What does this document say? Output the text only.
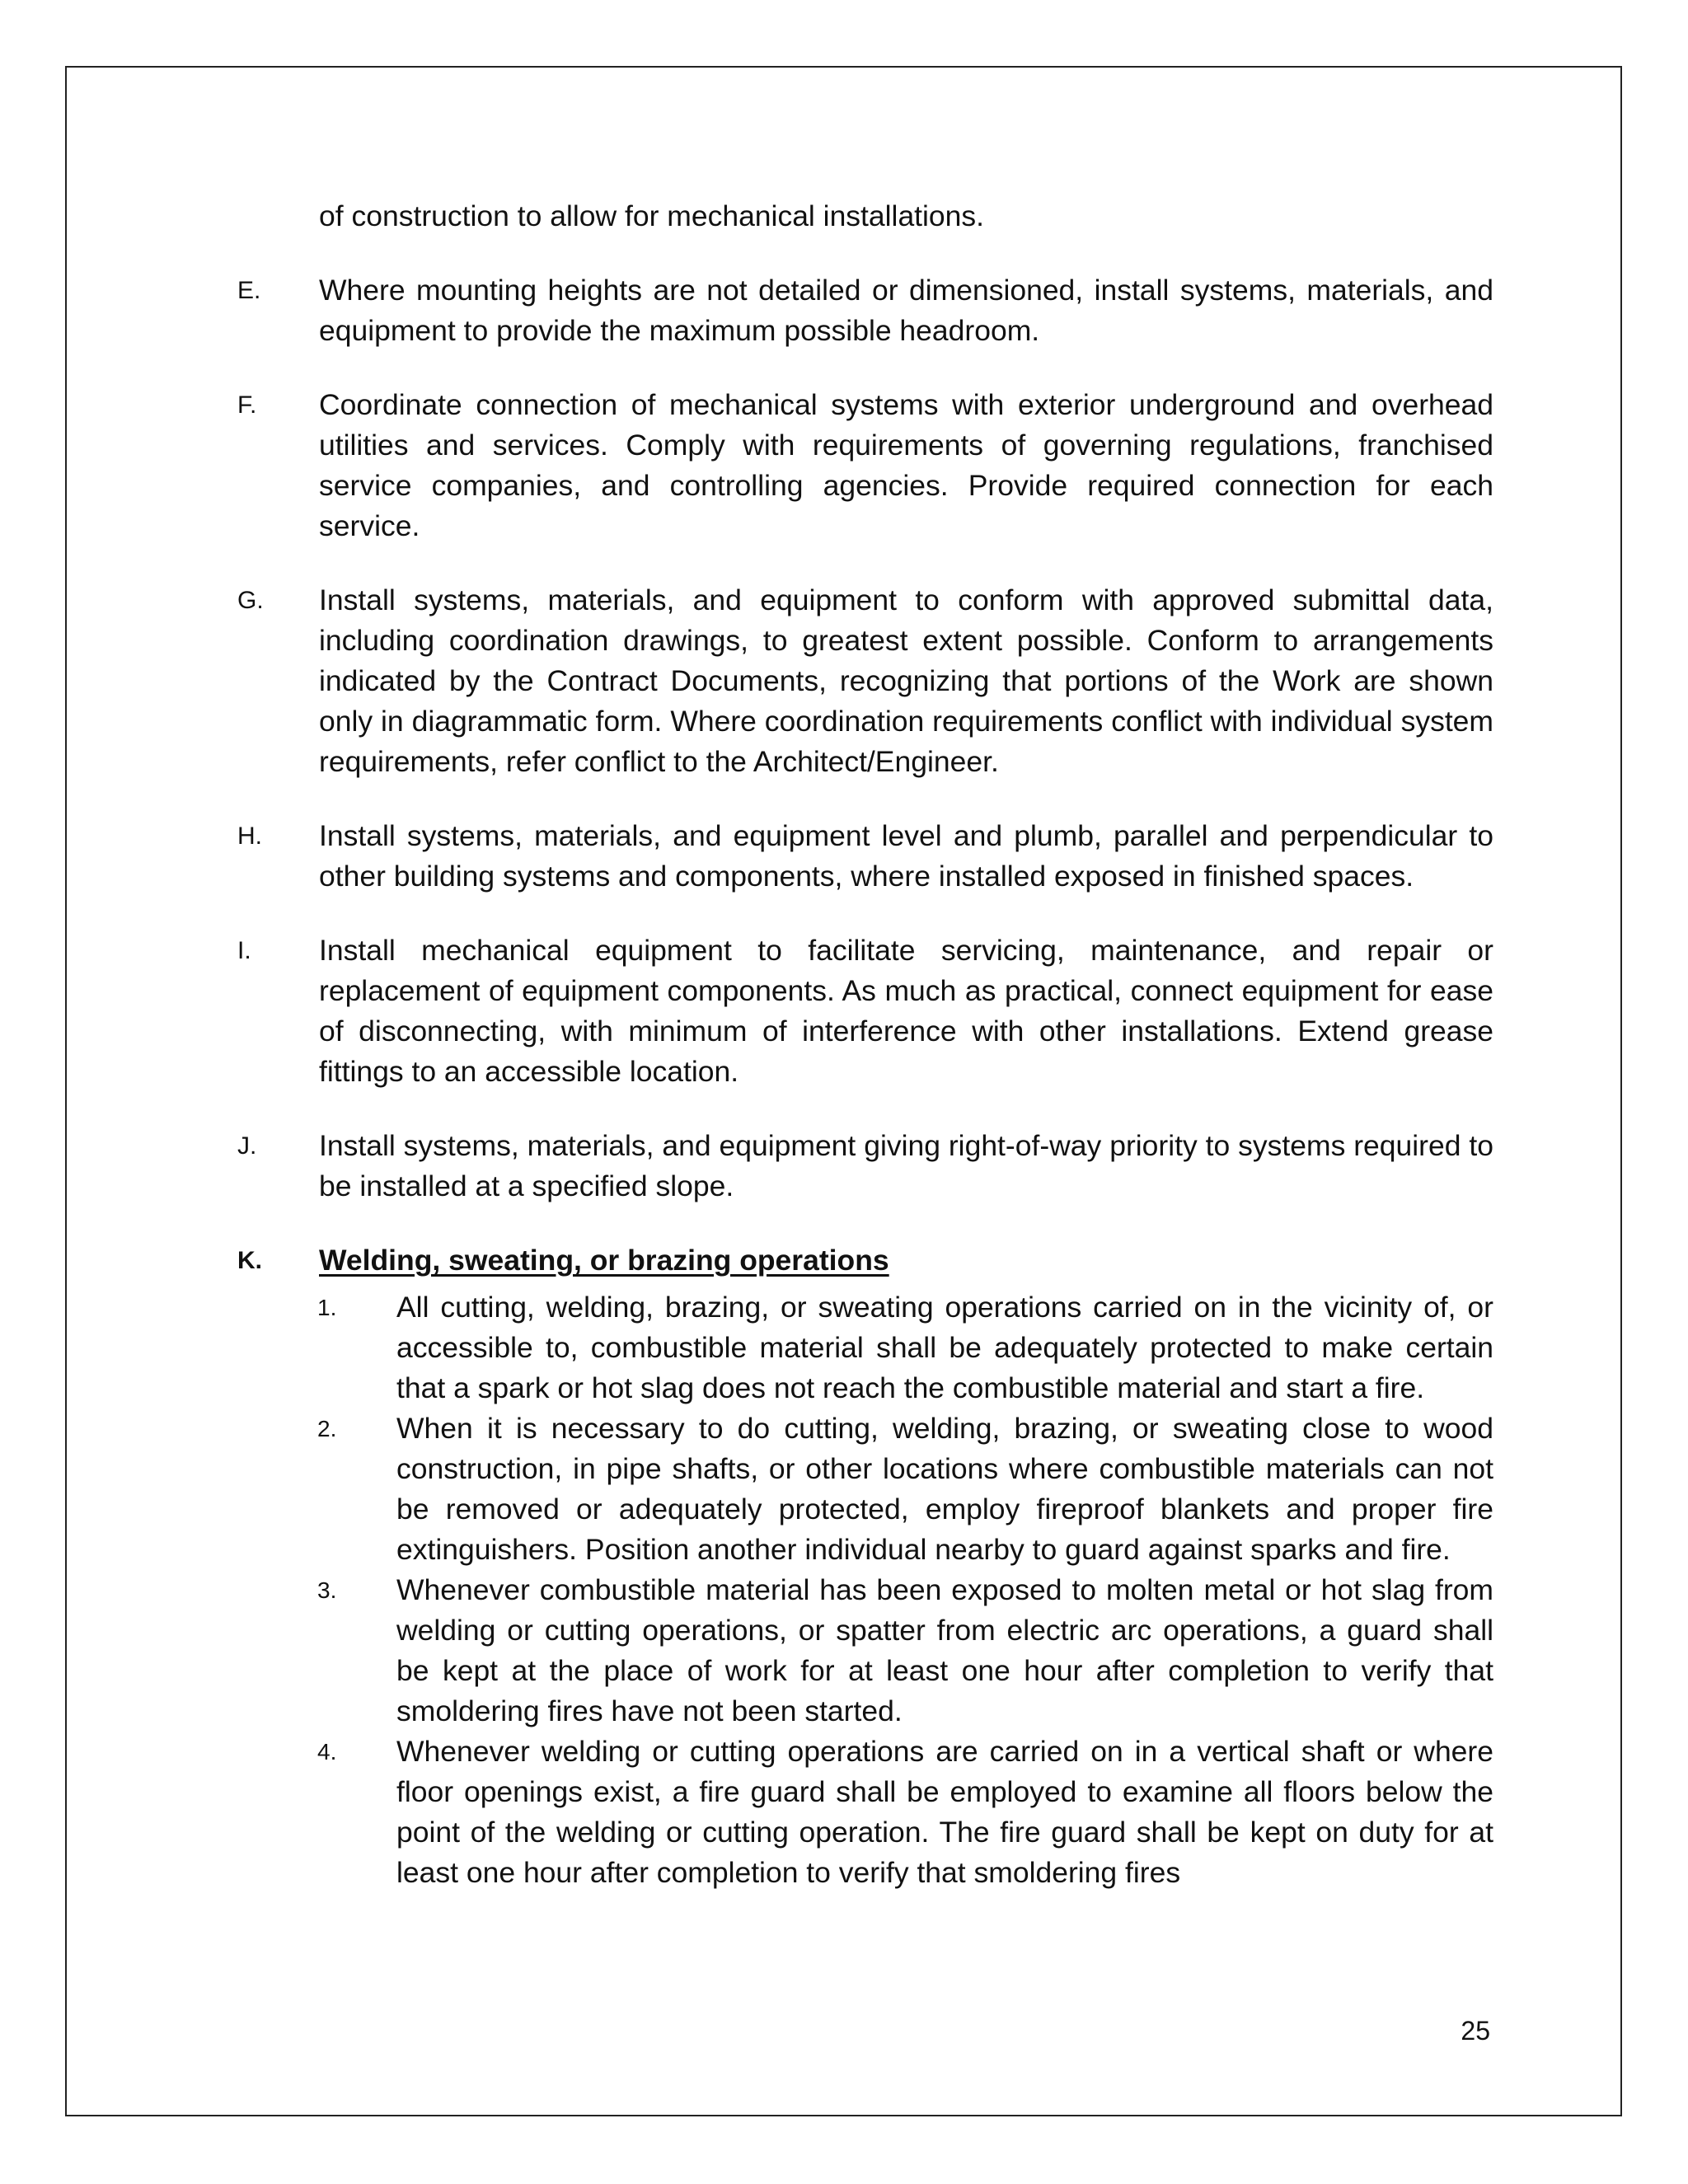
of construction to allow for mechanical installations.
E. Where mounting heights are not detailed or dimensioned, install systems, materials, and equipment to provide the maximum possible headroom.
F. Coordinate connection of mechanical systems with exterior underground and overhead utilities and services. Comply with requirements of governing regulations, franchised service companies, and controlling agencies. Provide required connection for each service.
G. Install systems, materials, and equipment to conform with approved submittal data, including coordination drawings, to greatest extent possible. Conform to arrangements indicated by the Contract Documents, recognizing that portions of the Work are shown only in diagrammatic form. Where coordination requirements conflict with individual system requirements, refer conflict to the Architect/Engineer.
H. Install systems, materials, and equipment level and plumb, parallel and perpendicular to other building systems and components, where installed exposed in finished spaces.
I. Install mechanical equipment to facilitate servicing, maintenance, and repair or replacement of equipment components. As much as practical, connect equipment for ease of disconnecting, with minimum of interference with other installations. Extend grease fittings to an accessible location.
J. Install systems, materials, and equipment giving right-of-way priority to systems required to be installed at a specified slope.
K. Welding, sweating, or brazing operations
1. All cutting, welding, brazing, or sweating operations carried on in the vicinity of, or accessible to, combustible material shall be adequately protected to make certain that a spark or hot slag does not reach the combustible material and start a fire.
2. When it is necessary to do cutting, welding, brazing, or sweating close to wood construction, in pipe shafts, or other locations where combustible materials can not be removed or adequately protected, employ fireproof blankets and proper fire extinguishers. Position another individual nearby to guard against sparks and fire.
3. Whenever combustible material has been exposed to molten metal or hot slag from welding or cutting operations, or spatter from electric arc operations, a guard shall be kept at the place of work for at least one hour after completion to verify that smoldering fires have not been started.
4. Whenever welding or cutting operations are carried on in a vertical shaft or where floor openings exist, a fire guard shall be employed to examine all floors below the point of the welding or cutting operation. The fire guard shall be kept on duty for at least one hour after completion to verify that smoldering fires
25
